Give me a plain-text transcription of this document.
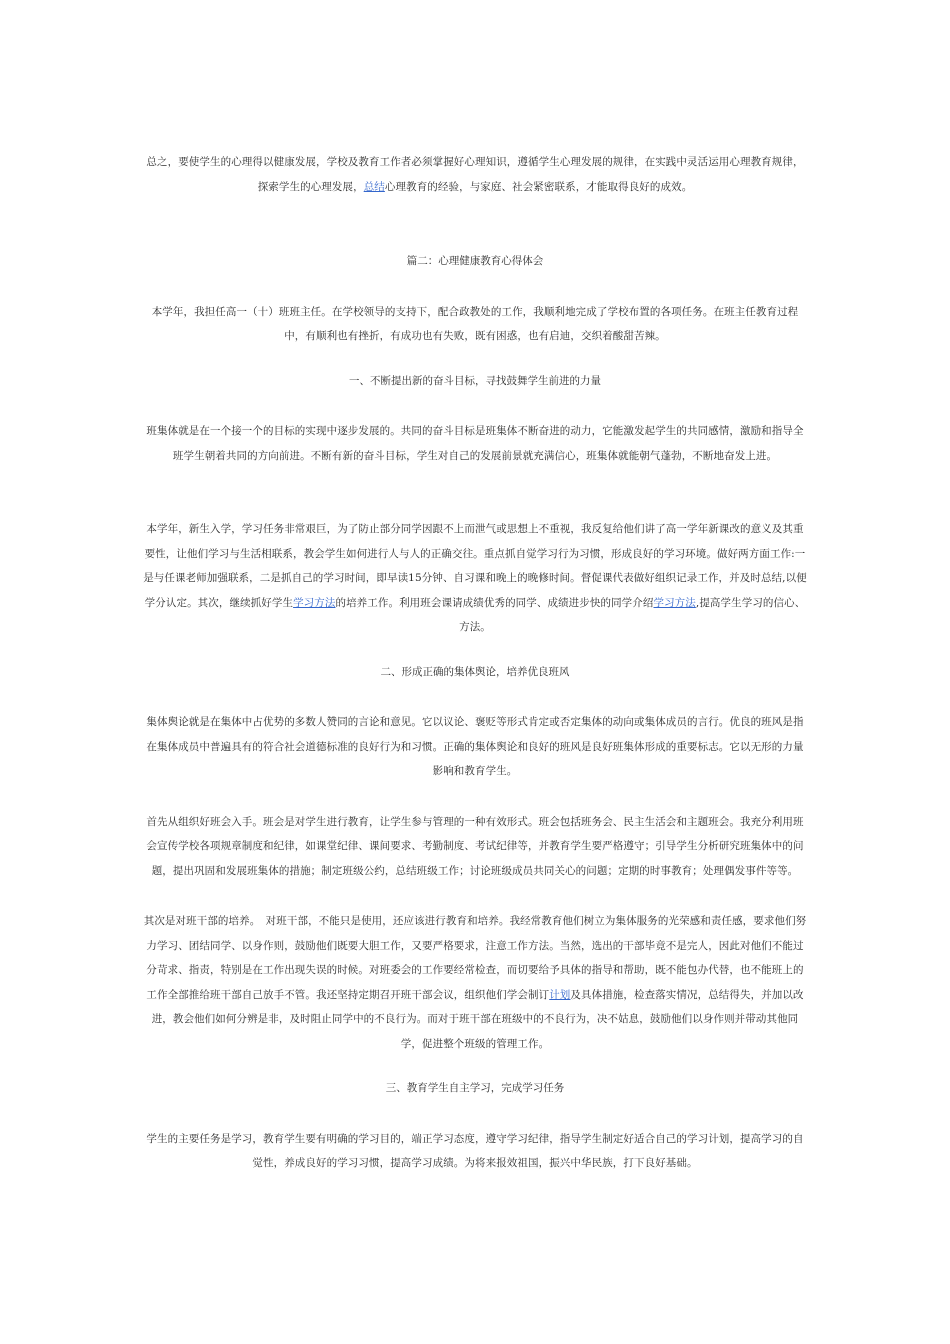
总之，要使学生的心理得以健康发展，学校及教育工作者必须掌握好心理知识，遵循学生心理发展的规律，在实践中灵活运用心理教育规律，探索学生的心理发展，总结心理教育的经验，与家庭、社会紧密联系，才能取得良好的成效。

篇二：心理健康教育心得体会

本学年，我担任高一（十）班班主任。在学校领导的支持下，配合政教处的工作，我顺利地完成了学校布置的各项任务。在班主任教育过程中，有顺利也有挫折，有成功也有失败，既有困惑，也有启迪，交织着酸甜苦辣。

一、不断提出新的奋斗目标，寻找鼓舞学生前进的力量

班集体就是在一个接一个的目标的实现中逐步发展的。共同的奋斗目标是班集体不断奋进的动力，它能激发起学生的共同感情，激励和指导全班学生朝着共同的方向前进。不断有新的奋斗目标，学生对自己的发展前景就充满信心，班集体就能朝气蓬勃，不断地奋发上进。

本学年，新生入学，学习任务非常艰巨，为了防止部分同学因跟不上而泄气或思想上不重视，我反复给他们讲了高一学年新课改的意义及其重要性，让他们学习与生活相联系，教会学生如何进行人与人的正确交往。重点抓自觉学习行为习惯，形成良好的学习环境。做好两方面工作:一是与任课老师加强联系，二是抓自己的学习时间，即早读15分钟、自习课和晚上的晚修时间。督促课代表做好组织记录工作，并及时总结,以便学分认定。其次，继续抓好学生学习方法的培养工作。利用班会课请成绩优秀的同学、成绩进步快的同学介绍学习方法,提高学生学习的信心、方法。

二、形成正确的集体舆论，培养优良班风

集体舆论就是在集体中占优势的多数人赞同的言论和意见。它以议论、褒贬等形式肯定或否定集体的动向或集体成员的言行。优良的班风是指在集体成员中普遍具有的符合社会道德标准的良好行为和习惯。正确的集体舆论和良好的班风是良好班集体形成的重要标志。它以无形的力量影响和教育学生。

首先从组织好班会入手。班会是对学生进行教育，让学生参与管理的一种有效形式。班会包括班务会、民主生活会和主题班会。我充分利用班会宣传学校各项规章制度和纪律，如课堂纪律、课间要求、考勤制度、考试纪律等，并教育学生要严格遵守；引导学生分析研究班集体中的问题，提出巩固和发展班集体的措施；制定班级公约，总结班级工作；讨论班级成员共同关心的问题；定期的时事教育；处理偶发事件等等。

其次是对班干部的培养。　对班干部，不能只是使用，还应该进行教育和培养。我经常教育他们树立为集体服务的光荣感和责任感，要求他们努力学习、团结同学、以身作则，鼓励他们既要大胆工作，又要严格要求，注意工作方法。当然，选出的干部毕竟不是完人，因此对他们不能过分苛求、指责，特别是在工作出现失误的时候。对班委会的工作要经常检查，而切要给予具体的指导和帮助，既不能包办代替，也不能班上的工作全部推给班干部自己放手不管。我还坚持定期召开班干部会议，组织他们学会制订计划及具体措施，检查落实情况，总结得失，并加以改进，教会他们如何分辨是非，及时阻止同学中的不良行为。而对于班干部在班级中的不良行为，决不姑息，鼓励他们以身作则并带动其他同学，促进整个班级的管理工作。

三、教育学生自主学习，完成学习任务

学生的主要任务是学习，教育学生要有明确的学习目的，端正学习态度，遵守学习纪律，指导学生制定好适合自己的学习计划，提高学习的自觉性，养成良好的学习习惯，提高学习成绩。为将来报效祖国，振兴中华民族，打下良好基础。
